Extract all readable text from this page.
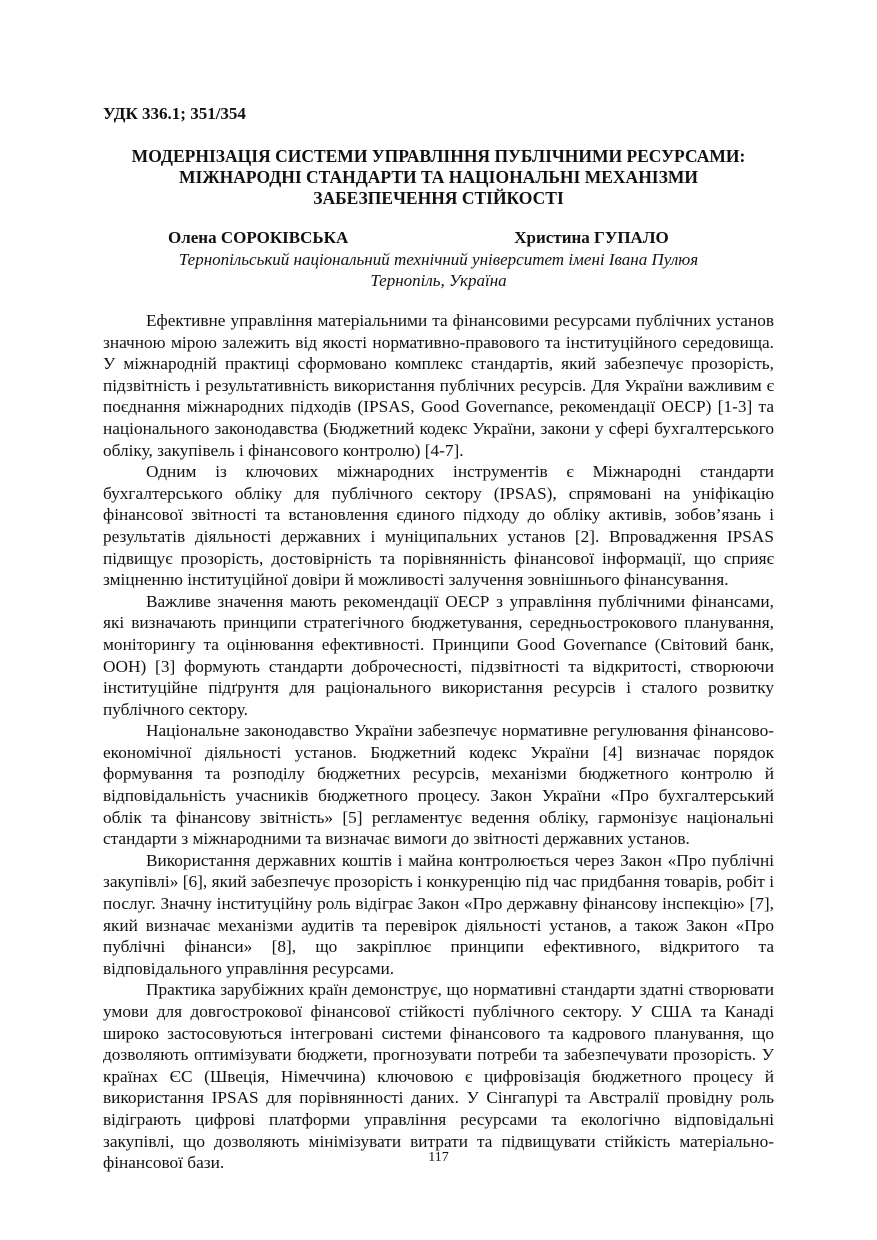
УДК 336.1; 351/354

МОДЕРНІЗАЦІЯ СИСТЕМИ УПРАВЛІННЯ ПУБЛІЧНИМИ РЕСУРСАМИ:
МІЖНАРОДНІ СТАНДАРТИ ТА НАЦІОНАЛЬНІ МЕХАНІЗМИ
ЗАБЕЗПЕЧЕННЯ СТІЙКОСТІ
Олена СОРОКІВСЬКА	Христина ГУПАЛО

Тернопільський національний технічний університет імені Івана Пулюя

Тернопіль, Україна

Ефективне управління матеріальними та фінансовими ресурсами публічних установ значною мірою залежить від якості нормативно-правового та інституційного середовища. У міжнародній практиці сформовано комплекс стандартів, який забезпечує прозорість, підзвітність і результативність використання публічних ресурсів. Для України важливим є поєднання міжнародних підходів (IPSAS, Good Governance, рекомендації ОЕСР) [1-3] та національного законодавства (Бюджетний кодекс України, закони у сфері бухгалтерського обліку, закупівель і фінансового контролю) [4-7].

Одним із ключових міжнародних інструментів є Міжнародні стандарти бухгалтерського обліку для публічного сектору (IPSAS), спрямовані на уніфікацію фінансової звітності та встановлення єдиного підходу до обліку активів, зобов’язань і результатів діяльності державних і муніципальних установ [2]. Впровадження IPSAS підвищує прозорість, достовірність та порівнянність фінансової інформації, що сприяє зміцненню інституційної довіри й можливості залучення зовнішнього фінансування.

Важливе значення мають рекомендації ОЕСР з управління публічними фінансами, які визначають принципи стратегічного бюджетування, середньострокового планування, моніторингу та оцінювання ефективності. Принципи Good Governance (Світовий банк, ООН) [3] формують стандарти доброчесності, підзвітності та відкритості, створюючи інституційне підґрунтя для раціонального використання ресурсів і сталого розвитку публічного сектору.

Національне законодавство України забезпечує нормативне регулювання фінансово-економічної діяльності установ. Бюджетний кодекс України [4] визначає порядок формування та розподілу бюджетних ресурсів, механізми бюджетного контролю й відповідальність учасників бюджетного процесу. Закон України «Про бухгалтерський облік та фінансову звітність» [5] регламентує ведення обліку, гармонізує національні стандарти з міжнародними та визначає вимоги до звітності державних установ.

Використання державних коштів і майна контролюється через Закон «Про публічні закупівлі» [6], який забезпечує прозорість і конкуренцію під час придбання товарів, робіт і послуг. Значну інституційну роль відіграє Закон «Про державну фінансову інспекцію» [7], який визначає механізми аудитів та перевірок діяльності установ, а також Закон «Про публічні фінанси» [8], що закріплює принципи ефективного, відкритого та відповідального управління ресурсами.

Практика зарубіжних країн демонструє, що нормативні стандарти здатні створювати умови для довгострокової фінансової стійкості публічного сектору. У США та Канаді широко застосовуються інтегровані системи фінансового та кадрового планування, що дозволяють оптимізувати бюджети, прогнозувати потреби та забезпечувати прозорість. У країнах ЄС (Швеція, Німеччина) ключовою є цифровізація бюджетного процесу й використання IPSAS для порівнянності даних. У Сінгапурі та Австралії провідну роль відіграють цифрові платформи управління ресурсами та екологічно відповідальні закупівлі, що дозволяють мінімізувати витрати та підвищувати стійкість матеріально-фінансової бази.	117
